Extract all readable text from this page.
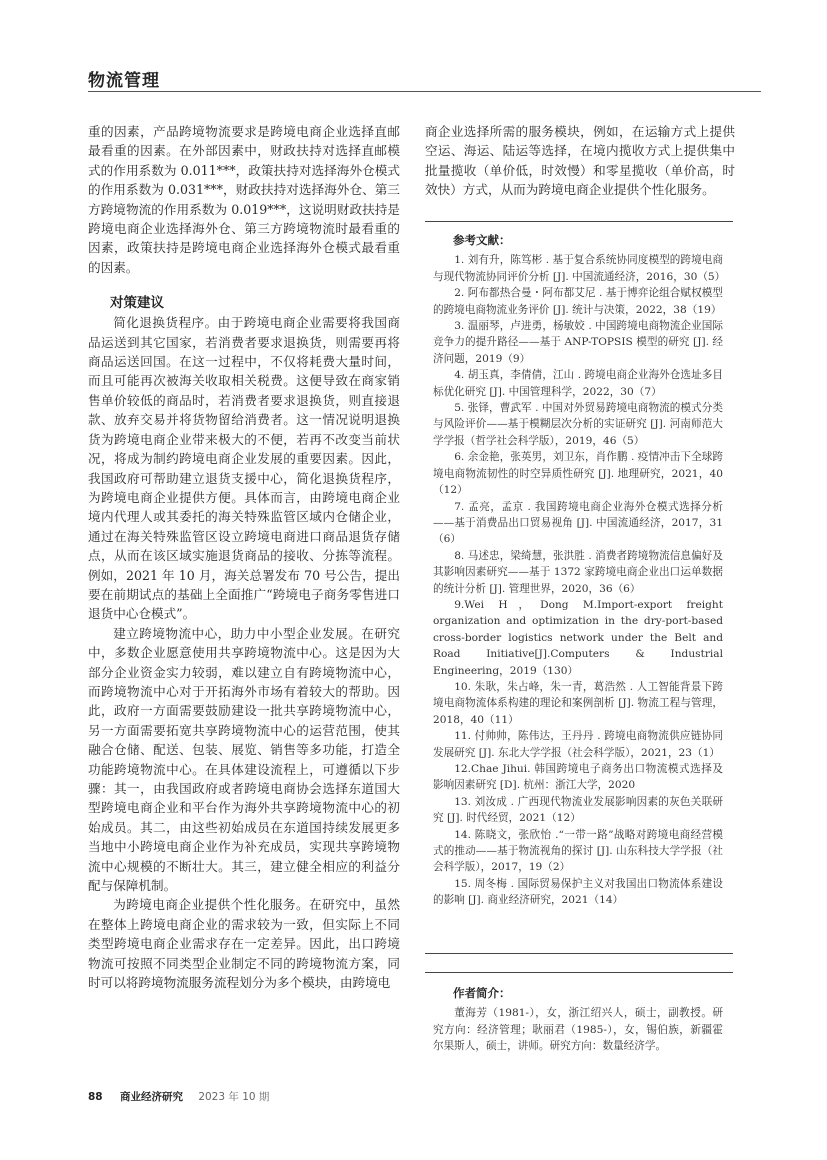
物流管理

重的因素，产品跨境物流要求是跨境电商企业选择直邮最看重的因素。在外部因素中，财政扶持对选择直邮模式的作用系数为 0.011***，政策扶持对选择海外仓模式的作用系数为 0.031***，财政扶持对选择海外仓、第三方跨境物流的作用系数为 0.019***，这说明财政扶持是跨境电商企业选择海外仓、第三方跨境物流时最看重的因素，政策扶持是跨境电商企业选择海外仓模式最看重的因素。

对策建议

简化退换货程序。由于跨境电商企业需要将我国商品运送到其它国家，若消费者要求退换货，则需要再将商品运送回国。在这一过程中，不仅将耗费大量时间，而且可能再次被海关收取相关税费。这便导致在商家销售单价较低的商品时，若消费者要求退换货，则直接退款、放弃交易并将货物留给消费者。这一情况说明退换货为跨境电商企业带来极大的不便，若再不改变当前状况，将成为制约跨境电商企业发展的重要因素。因此，我国政府可帮助建立退货支援中心，简化退换货程序，为跨境电商企业提供方便。具体而言，由跨境电商企业境内代理人或其委托的海关特殊监管区域内仓储企业，通过在海关特殊监管区设立跨境电商进口商品退货存储点，从而在该区域实施退货商品的接收、分拣等流程。例如，2021 年 10 月，海关总署发布 70 号公告，提出要在前期试点的基础上全面推广“跨境电子商务零售进口退货中心仓模式”。

建立跨境物流中心，助力中小型企业发展。在研究中，多数企业愿意使用共享跨境物流中心。这是因为大部分企业资金实力较弱，难以建立自有跨境物流中心，而跨境物流中心对于开拓海外市场有着较大的帮助。因此，政府一方面需要鼓励建设一批共享跨境物流中心，另一方面需要拓宽共享跨境物流中心的运营范围，使其融合仓储、配送、包装、展览、销售等多功能，打造全功能跨境物流中心。在具体建设流程上，可遵循以下步骤：其一，由我国政府或者跨境电商协会选择东道国大型跨境电商企业和平台作为海外共享跨境物流中心的初始成员。其二，由这些初始成员在东道国持续发展更多当地中小跨境电商企业作为补充成员，实现共享跨境物流中心规模的不断壮大。其三，建立健全相应的利益分配与保障机制。

为跨境电商企业提供个性化服务。在研究中，虽然在整体上跨境电商企业的需求较为一致，但实际上不同类型跨境电商企业需求存在一定差异。因此，出口跨境物流可按照不同类型企业制定不同的跨境物流方案，同时可以将跨境物流服务流程划分为多个模块，由跨境电

商企业选择所需的服务模块，例如，在运输方式上提供空运、海运、陆运等选择，在境内揽收方式上提供集中批量揽收（单价低，时效慢）和零星揽收（单价高，时效快）方式，从而为跨境电商企业提供个性化服务。

参考文献：

1. 刘有升，陈笃彬 . 基于复合系统协同度模型的跨境电商与现代物流协同评价分析 [J]. 中国流通经济，2016，30（5）

2. 阿布都热合曼・阿布都艾尼 . 基于博弈论组合赋权模型的跨境电商物流业务评价 [J]. 统计与决策，2022，38（19）

3. 温丽琴，卢进勇，杨敏姣 . 中国跨境电商物流企业国际竞争力的提升路径——基于 ANP-TOPSIS 模型的研究 [J]. 经济问题，2019（9）

4. 胡玉真，李倩倩，江山 . 跨境电商企业海外仓选址多目标优化研究 [J]. 中国管理科学，2022，30（7）

5. 张铎，曹武军 . 中国对外贸易跨境电商物流的模式分类与风险评价——基于模糊层次分析的实证研究 [J]. 河南师范大学学报（哲学社会科学版），2019，46（5）

6. 余金艳，张英男，刘卫东，肖作鹏 . 疫情冲击下全球跨境电商物流韧性的时空异质性研究 [J]. 地理研究，2021，40（12）

7. 孟亮，孟京 . 我国跨境电商企业海外仓模式选择分析——基于消费品出口贸易视角 [J]. 中国流通经济，2017，31（6）

8. 马述忠，梁绮慧，张洪胜 . 消费者跨境物流信息偏好及其影响因素研究——基于 1372 家跨境电商企业出口运单数据的统计分析 [J]. 管理世界，2020，36（6）

9.Wei H，Dong M.Import-export freight organization and optimization in the dry-port-based cross-border logistics network under the Belt and Road Initiative[J].Computers & Industrial Engineering，2019（130）

10. 朱耿，朱占峰，朱一青，葛浩然 . 人工智能背景下跨境电商物流体系构建的理论和案例剖析 [J]. 物流工程与管理，2018，40（11）

11. 付帅帅，陈伟达，王丹丹 . 跨境电商物流供应链协同发展研究 [J]. 东北大学学报（社会科学版），2021，23（1）

12.Chae Jihui. 韩国跨境电子商务出口物流模式选择及影响因素研究 [D]. 杭州：浙江大学，2020

13. 刘汝成 . 广西现代物流业发展影响因素的灰色关联研究 [J]. 时代经贸，2021（12）

14. 陈晓文，张欣怡 .“一带一路”战略对跨境电商经营模式的推动——基于物流视角的探讨 [J]. 山东科技大学学报（社会科学版），2017，19（2）

15. 周冬梅 . 国际贸易保护主义对我国出口物流体系建设的影响 [J]. 商业经济研究，2021（14）

作者简介：

董海芳（1981-），女，浙江绍兴人，硕士，副教授。研究方向：经济管理；耿丽君（1985-），女，锡伯族，新疆霍尔果斯人，硕士，讲师。研究方向：数量经济学。

88 商业经济研究 2023 年 10 期
